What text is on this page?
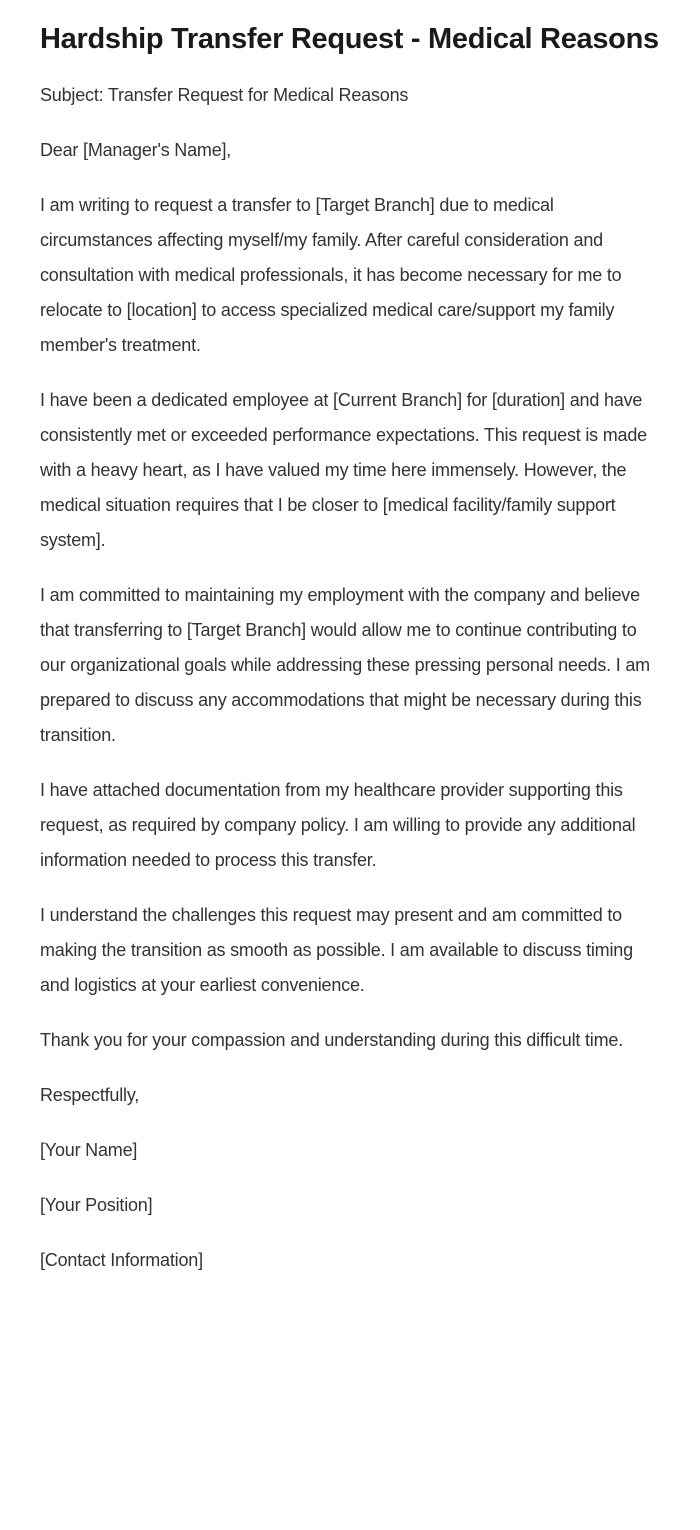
Hardship Transfer Request - Medical Reasons

Subject: Transfer Request for Medical Reasons

Dear [Manager's Name],

I am writing to request a transfer to [Target Branch] due to medical circumstances affecting myself/my family. After careful consideration and consultation with medical professionals, it has become necessary for me to relocate to [location] to access specialized medical care/support my family member's treatment.

I have been a dedicated employee at [Current Branch] for [duration] and have consistently met or exceeded performance expectations. This request is made with a heavy heart, as I have valued my time here immensely. However, the medical situation requires that I be closer to [medical facility/family support system].

I am committed to maintaining my employment with the company and believe that transferring to [Target Branch] would allow me to continue contributing to our organizational goals while addressing these pressing personal needs. I am prepared to discuss any accommodations that might be necessary during this transition.

I have attached documentation from my healthcare provider supporting this request, as required by company policy. I am willing to provide any additional information needed to process this transfer.

I understand the challenges this request may present and am committed to making the transition as smooth as possible. I am available to discuss timing and logistics at your earliest convenience.

Thank you for your compassion and understanding during this difficult time.

Respectfully,

[Your Name]

[Your Position]

[Contact Information]
